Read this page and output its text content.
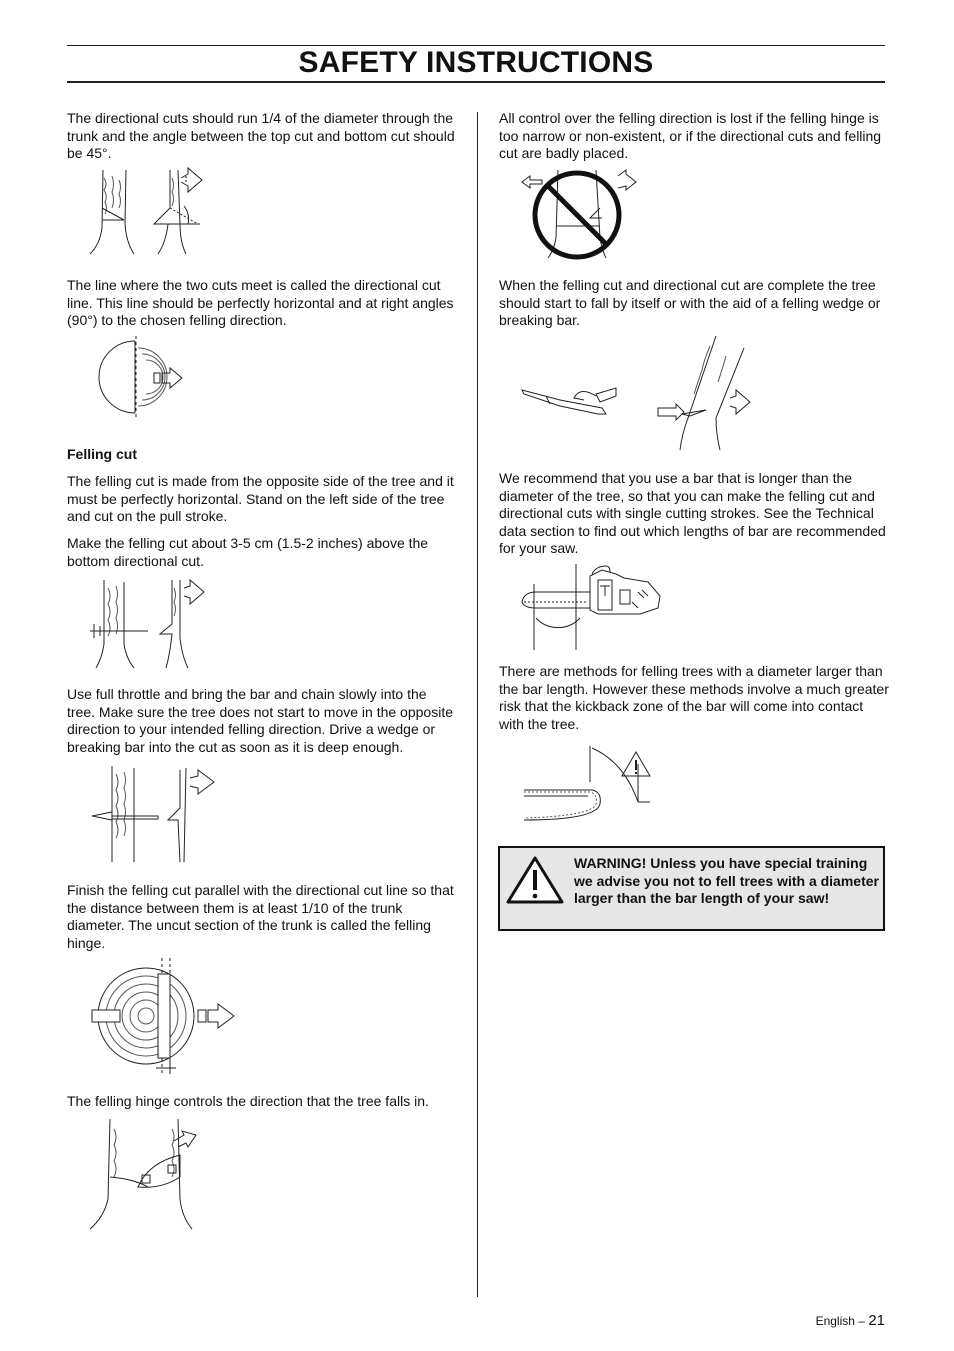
SAFETY INSTRUCTIONS

The directional cuts should run 1/4 of the diameter through the trunk and the angle between the top cut and bottom cut should be 45°.

The line where the two cuts meet is called the directional cut line. This line should be perfectly horizontal and at right angles (90°) to the chosen felling direction.

Felling cut

The felling cut is made from the opposite side of the tree and it must be perfectly horizontal. Stand on the left side of the tree and cut on the pull stroke.

Make the felling cut about 3-5 cm (1.5-2 inches) above the bottom directional cut.

Use full throttle and bring the bar and chain slowly into the tree. Make sure the tree does not start to move in the opposite direction to your intended felling direction. Drive a wedge or breaking bar into the cut as soon as it is deep enough.

Finish the felling cut parallel with the directional cut line so that the distance between them is at least 1/10 of the trunk diameter. The uncut section of the trunk is called the felling hinge.

The felling hinge controls the direction that the tree falls in.

All control over the felling direction is lost if the felling hinge is too narrow or non-existent, or if the directional cuts and felling cut are badly placed.

When the felling cut and directional cut are complete the tree should start to fall by itself or with the aid of a felling wedge or breaking bar.

We recommend that you use a bar that is longer than the diameter of the tree, so that you can make the felling cut and directional cuts with single cutting strokes. See the Technical data section to find out which lengths of bar are recommended for your saw.

There are methods for felling trees with a diameter larger than the bar length. However these methods involve a much greater risk that the kickback zone of the bar will come into contact with the tree.

WARNING! Unless you have special training we advise you not to fell trees with a diameter larger than the bar length of your saw!

English – 21
